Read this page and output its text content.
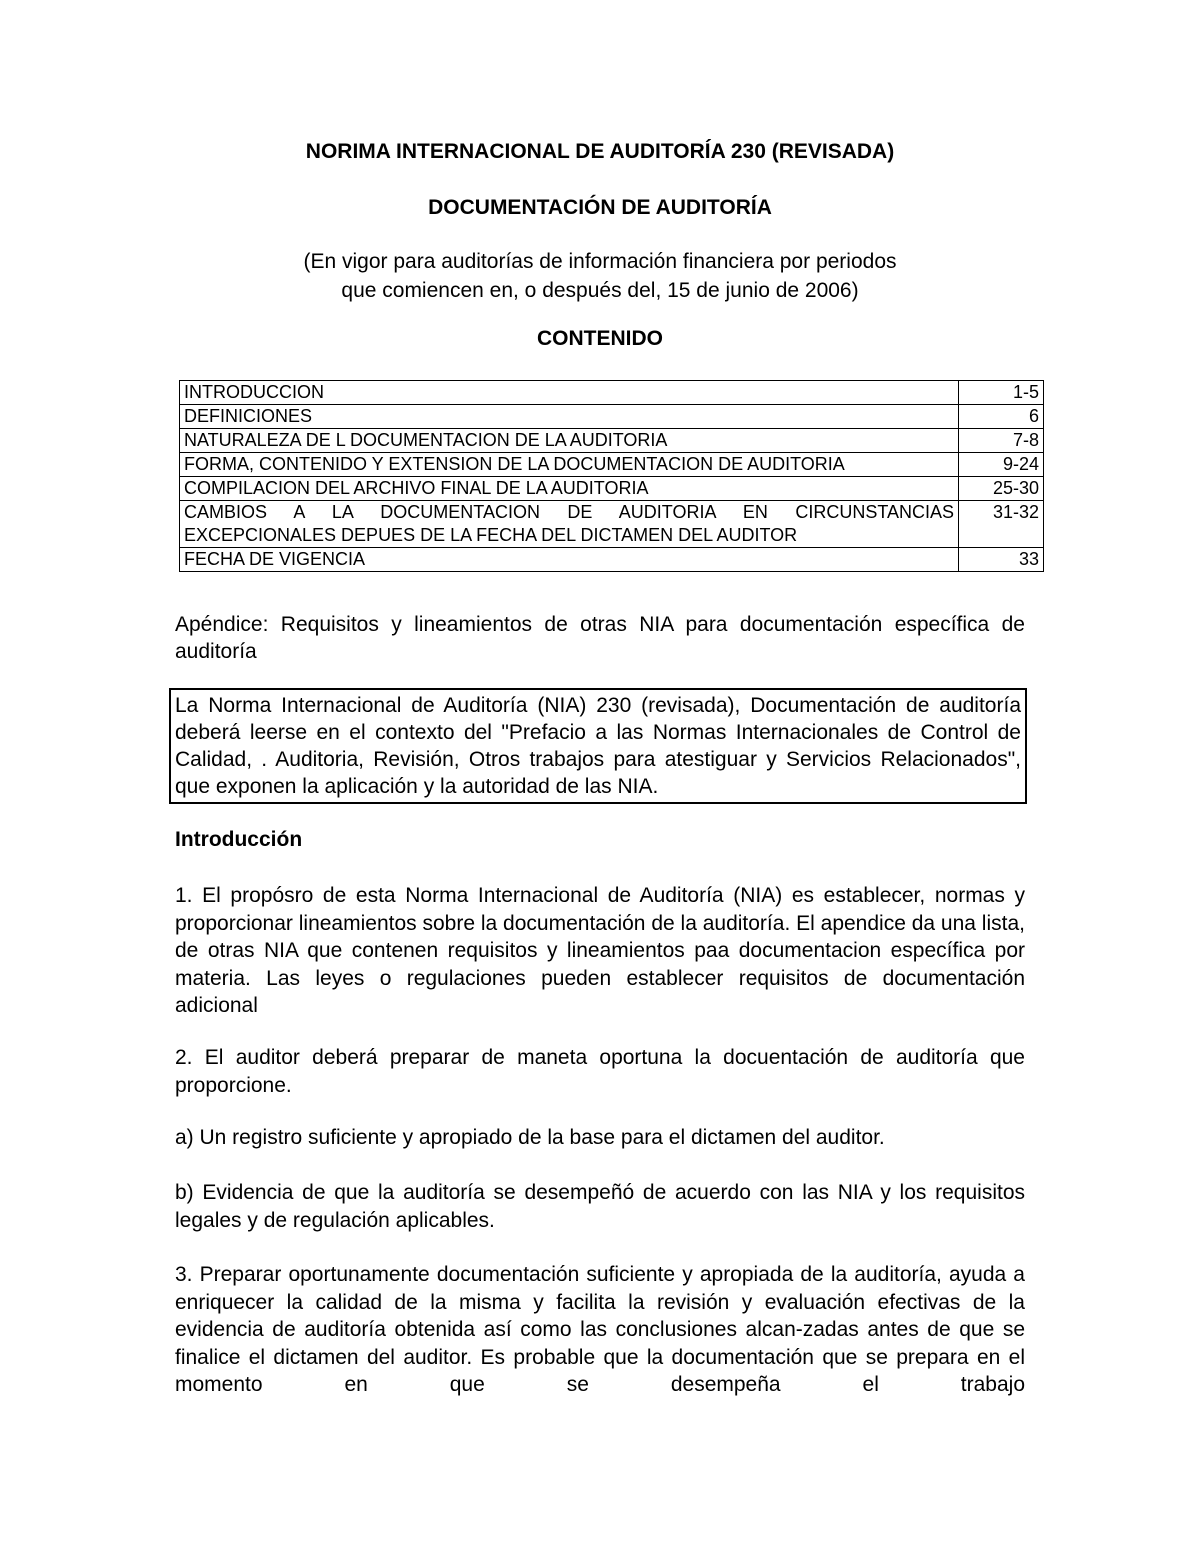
NORIMA INTERNACIONAL DE AUDITORÍA 230 (REVISADA)
DOCUMENTACIÓN DE AUDITORÍA
(En vigor para auditorías de información financiera por periodos
que comiencen en, o después del, 15 de junio de 2006)
CONTENIDO
INTRODUCCION	1-5
DEFINICIONES	6
NATURALEZA DE L DOCUMENTACION DE LA AUDITORIA	7-8
FORMA, CONTENIDO Y EXTENSION DE LA DOCUMENTACION DE AUDITORIA	9-24
COMPILACION DEL ARCHIVO FINAL DE LA AUDITORIA	25-30
CAMBIOS A LA DOCUMENTACION DE AUDITORIA EN CIRCUNSTANCIAS EXCEPCIONALES DEPUES DE LA FECHA DEL DICTAMEN DEL AUDITOR	31-32
FECHA DE VIGENCIA	33
Apéndice: Requisitos y lineamientos de otras NIA para documentación específica de auditoría
La Norma Internacional de Auditoría (NIA) 230 (revisada), Documentación de auditoría deberá leerse en el contexto del "Prefacio a las Normas Internacionales de Control de Calidad, . Auditoria, Revisión, Otros trabajos para atestiguar y Servicios Relacionados", que exponen la aplicación y la autoridad de las NIA.
Introducción
1. El propósro de esta Norma Internacional de Auditoría (NIA) es establecer, normas y proporcionar lineamientos sobre la documentación de la auditoría. El apendice da una lista, de otras NIA que contenen requisitos y lineamientos paa documentacion específica por materia. Las leyes o regulaciones pueden establecer requisitos de documentación adicional
2. El auditor deberá preparar de maneta oportuna la docuentación de auditoría que proporcione.
a) Un registro suficiente y apropiado de la base para el dictamen del auditor.
b) Evidencia de que la auditoría se desempeñó de acuerdo con las NIA y los requisitos legales y de regulación aplicables.
3. Preparar oportunamente documentación suficiente y apropiada de la auditoría, ayuda a enriquecer la calidad de la misma y facilita la revisión y evaluación efectivas de la evidencia de auditoría obtenida así como las conclusiones alcan-zadas antes de que se finalice el dictamen del auditor. Es probable que la documentación que se prepara en el momento en que se desempeña el trabajo
